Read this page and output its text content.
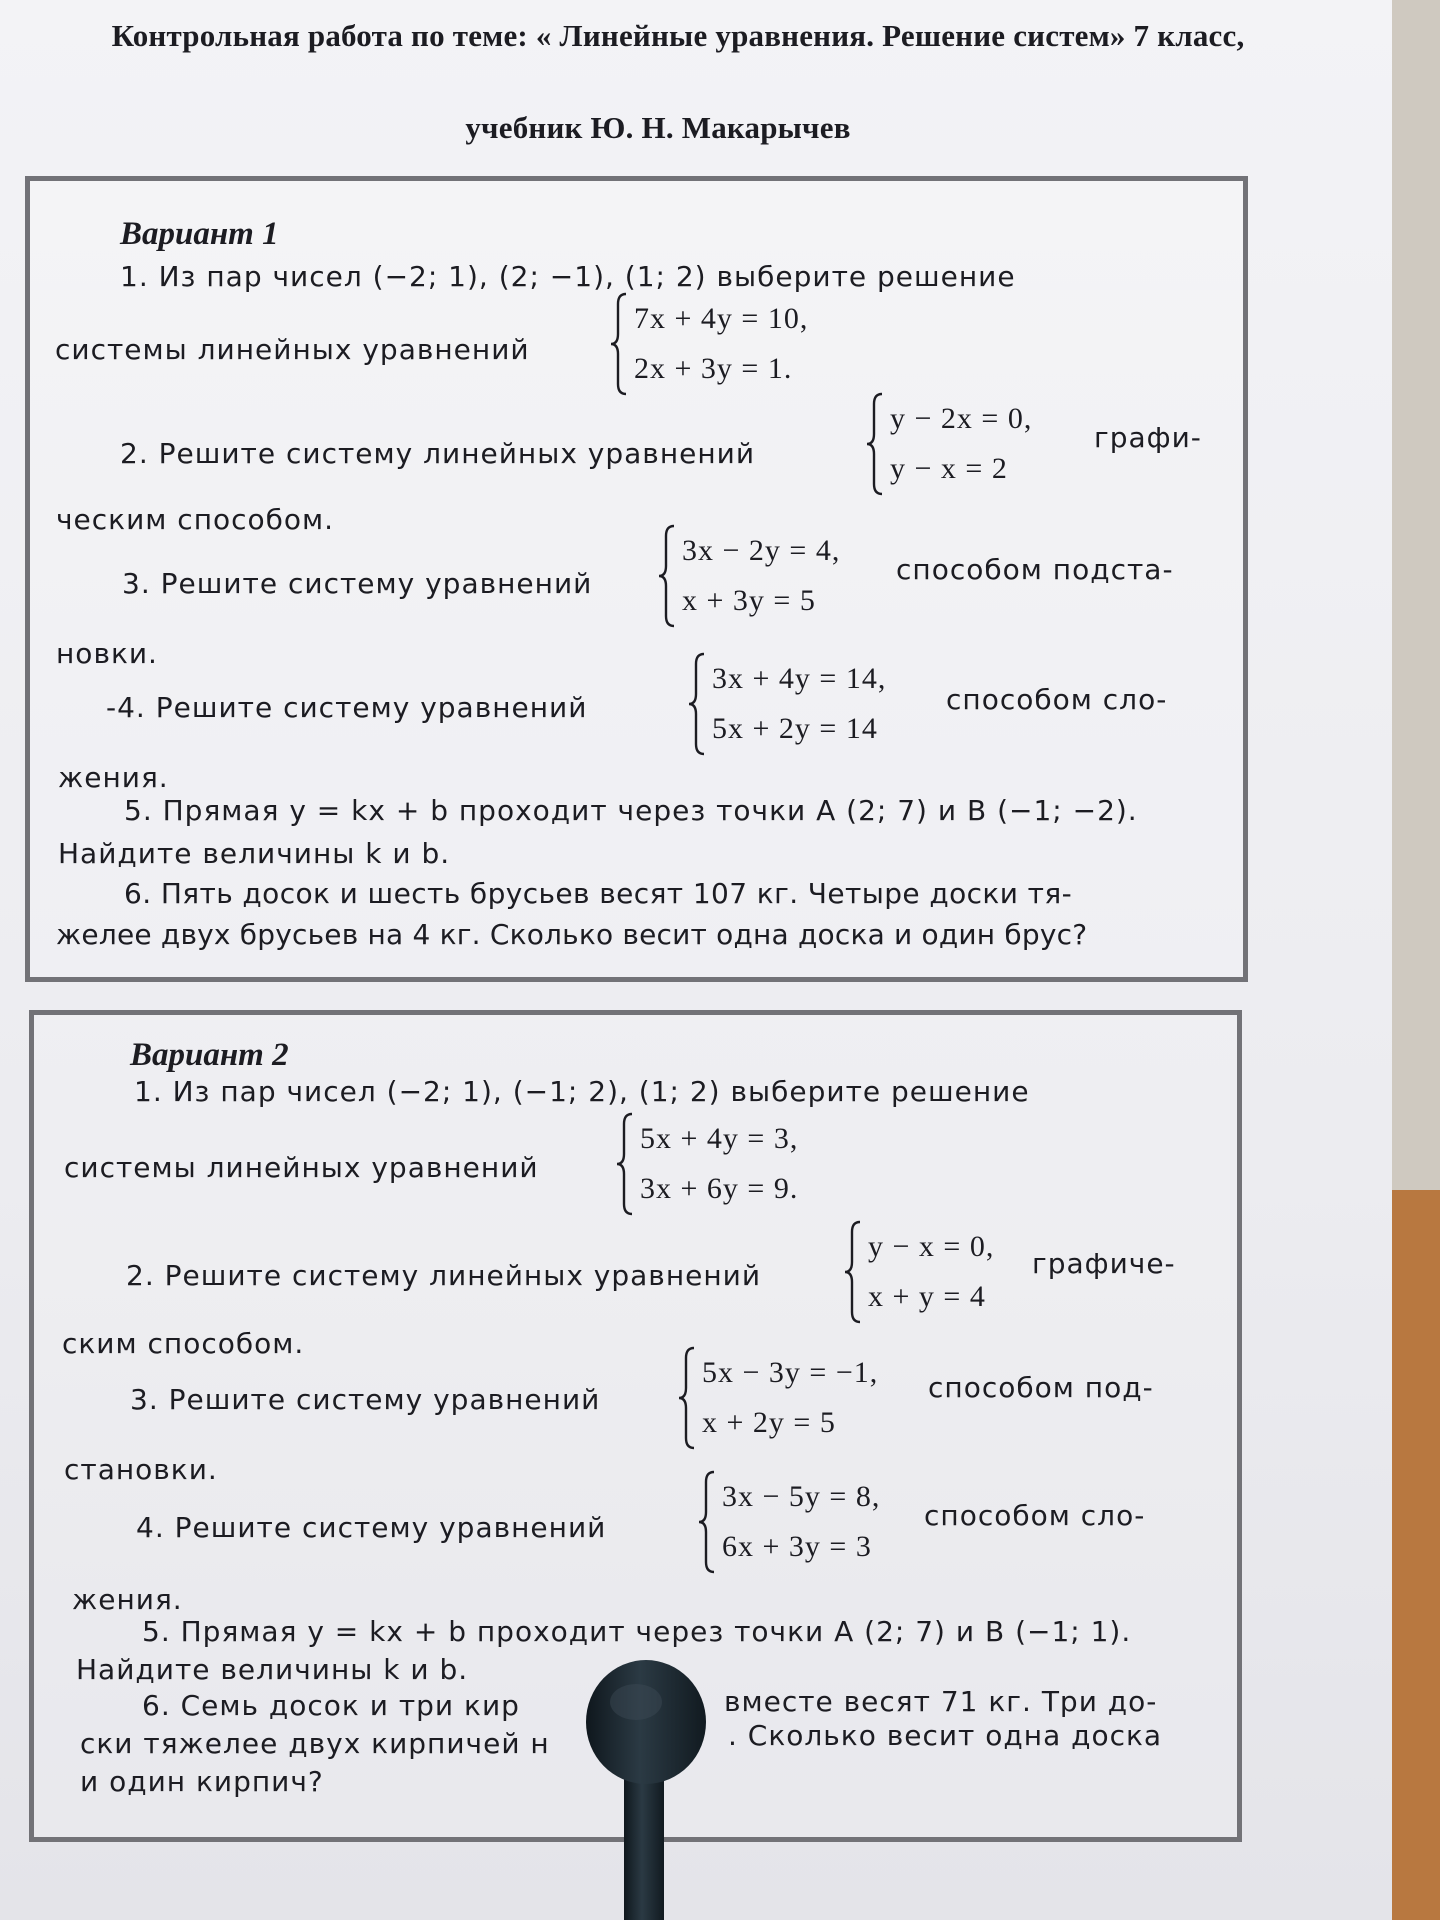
Контрольная работа по теме: « Линейные уравнения. Решение систем» 7 класс,
учебник Ю. Н. Макарычев
Вариант 1
1. Из пар чисел (−2; 1), (2; −1), (1; 2) выберите решение
системы линейных уравнений
7x + 4y = 10,
2x + 3y = 1.
2. Решите систему линейных уравнений
y − 2x = 0,
y − x = 2
графи-
ческим способом.
3. Решите систему уравнений
3x − 2y = 4,
x + 3y = 5
способом подста-
новки.
-4. Решите систему уравнений
3x + 4y = 14,
5x + 2y = 14
способом сло-
жения.
5. Прямая y = kx + b проходит через точки A (2; 7) и B (−1; −2).
Найдите величины k и b.
6. Пять досок и шесть брусьев весят 107 кг. Четыре доски тя-
желее двух брусьев на 4 кг. Сколько весит одна доска и один брус?
Вариант 2
1. Из пар чисел (−2; 1), (−1; 2), (1; 2) выберите решение
системы линейных уравнений
5x + 4y = 3,
3x + 6y = 9.
2. Решите систему линейных уравнений
y − x = 0,
x + y = 4
графиче-
ским способом.
3. Решите систему уравнений
5x − 3y = −1,
x + 2y = 5
способом под-
становки.
4. Решите систему уравнений
3x − 5y = 8,
6x + 3y = 3
способом сло-
жения.
5. Прямая y = kx + b проходит через точки A (2; 7) и B (−1; 1).
Найдите величины k и b.
6. Семь досок и три кир	вместе весят 71 кг. Три до-
ски тяжелее двух кирпичей н	. Сколько весит одна доска
и один кирпич?
